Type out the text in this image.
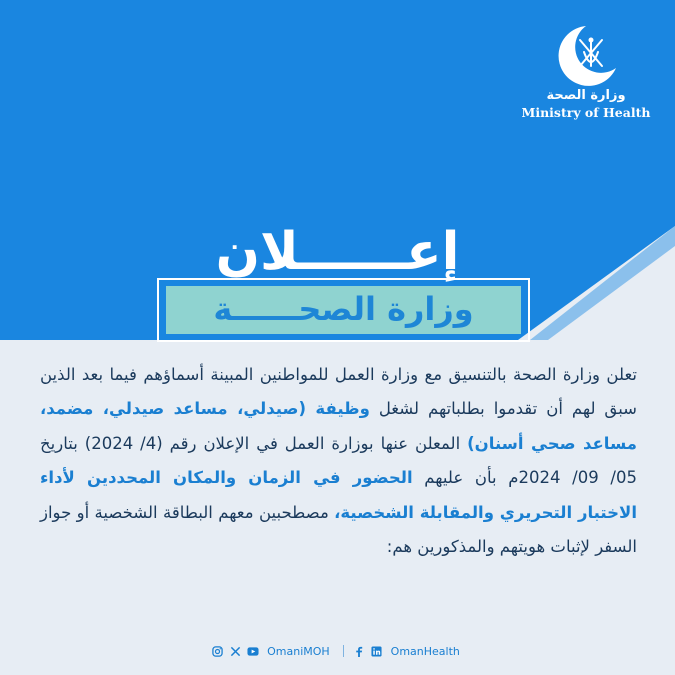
وزارة الصحة
Ministry of Health
إعــــــلان
وزارة الصحــــــة
تعلن وزارة الصحة بالتنسيق مع وزارة العمل للمواطنين المبينة أسماؤهم فيما بعد الذين سبق لهم أن تقدموا بطلباتهم لشغل وظيفة (صيدلي، مساعد صيدلي، مضمد، مساعد صحي أسنان) المعلن عنها بوزارة العمل في الإعلان رقم (4/ 2024) بتاريخ 05/ 09/ 2024م بأن عليهم الحضور في الزمان والمكان المحددين لأداء الاختبار التحريري والمقابلة الشخصية، مصطحبين معهم البطاقة الشخصية أو جواز السفر لإثبات هويتهم والمذكورين هم:
OmaniMOH	OmanHealth
